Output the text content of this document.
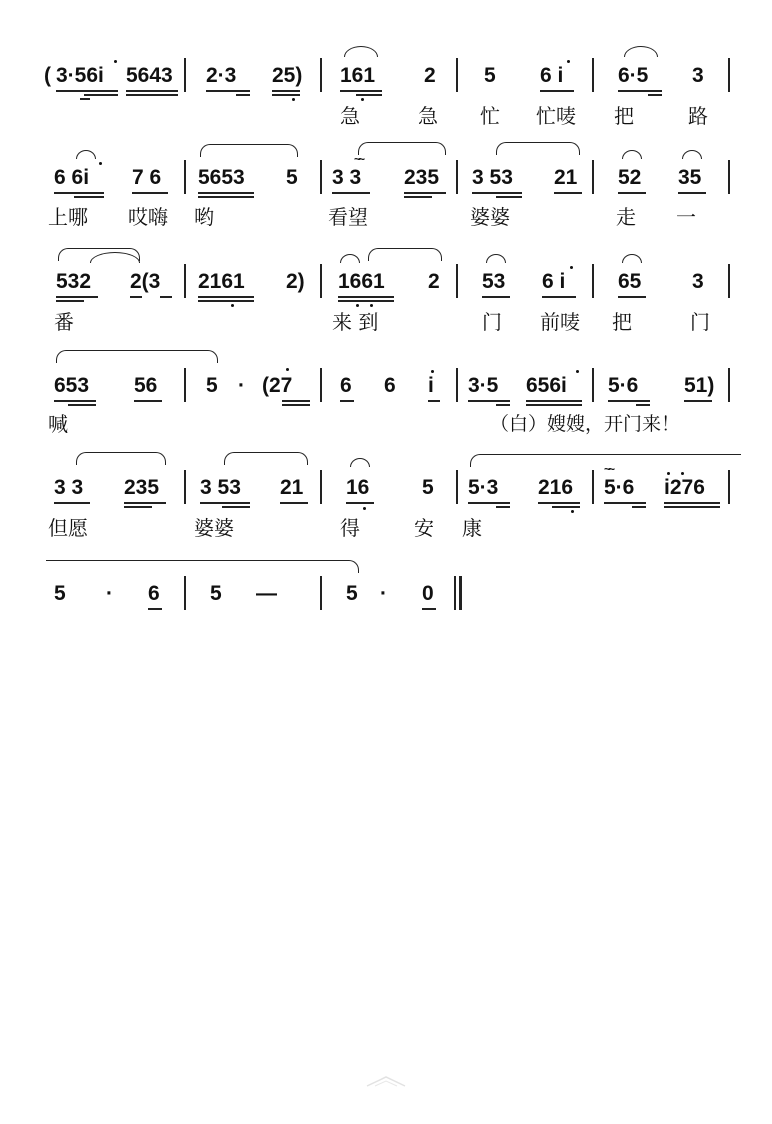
( 3·56i 5643 2·3 25) 161 2 5 6 i	6·5 3
急	急 忙 忙唛 把	路
6 6i 7 6 5653 5
~~
3 3 235 3 53 21 52 35
上哪 哎嗨 哟	看望	婆婆	走 一
532 2(3 2161 2) 1661 2 53 6 i	65 3
番	来 到	门 前唛 把	门
653 56 5 · (27 6 6 i 3·5 656i 5·6 51)
喊	（白）嫂嫂，开门来！
3 3 235 3 53 21 16	5 5·3 216
~~
5·6 i276
但愿	婆婆	得	安 康
5 · 6 5 —	5 · 0
